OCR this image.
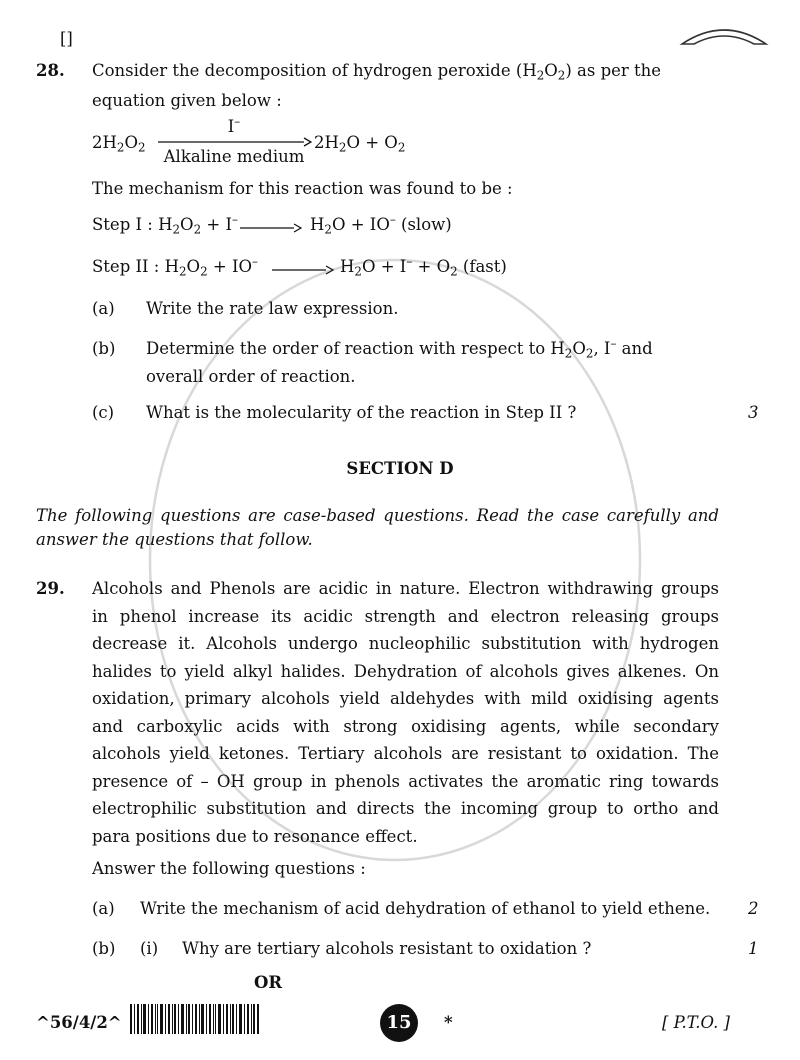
[]
28. Consider the decomposition of hydrogen peroxide $(H_2O_2)$ as per the
equation given below :
$2H_2O_2$
I–
Alkaline medium
$2H_2O + O_2$
The mechanism for this reaction was found to be :
Step I : $H_2O_2 + I^-$	$H_2O + IO^-$ (slow)
Step II : $H_2O_2 + IO^-$	$H_2O + I^- + O_2$ (fast)
(a) Write the rate law expression.
(b) Determine the order of reaction with respect to $H_2O_2$, I– and
overall order of reaction.
(c) What is the molecularity of the reaction in Step II ?	3
SECTION D
The following questions are case-based questions. Read the case carefully and answer the questions that follow.
29. Alcohols and Phenols are acidic in nature. Electron withdrawing groups
in phenol increase its acidic strength and electron releasing groups
decrease it. Alcohols undergo nucleophilic substitution with hydrogen
halides to yield alkyl halides. Dehydration of alcohols gives alkenes. On
oxidation, primary alcohols yield aldehydes with mild oxidising agents
and carboxylic acids with strong oxidising agents, while secondary
alcohols yield ketones. Tertiary alcohols are resistant to oxidation. The
presence of – OH group in phenols activates the aromatic ring towards
electrophilic substitution and directs the incoming group to ortho and
para positions due to resonance effect.
Answer the following questions :
(a) Write the mechanism of acid dehydration of ethanol to yield ethene. 2
(b) (i) Why are tertiary alcohols resistant to oxidation ?	1
OR
^56/4/2^	15	*	[ P.T.O. ]
